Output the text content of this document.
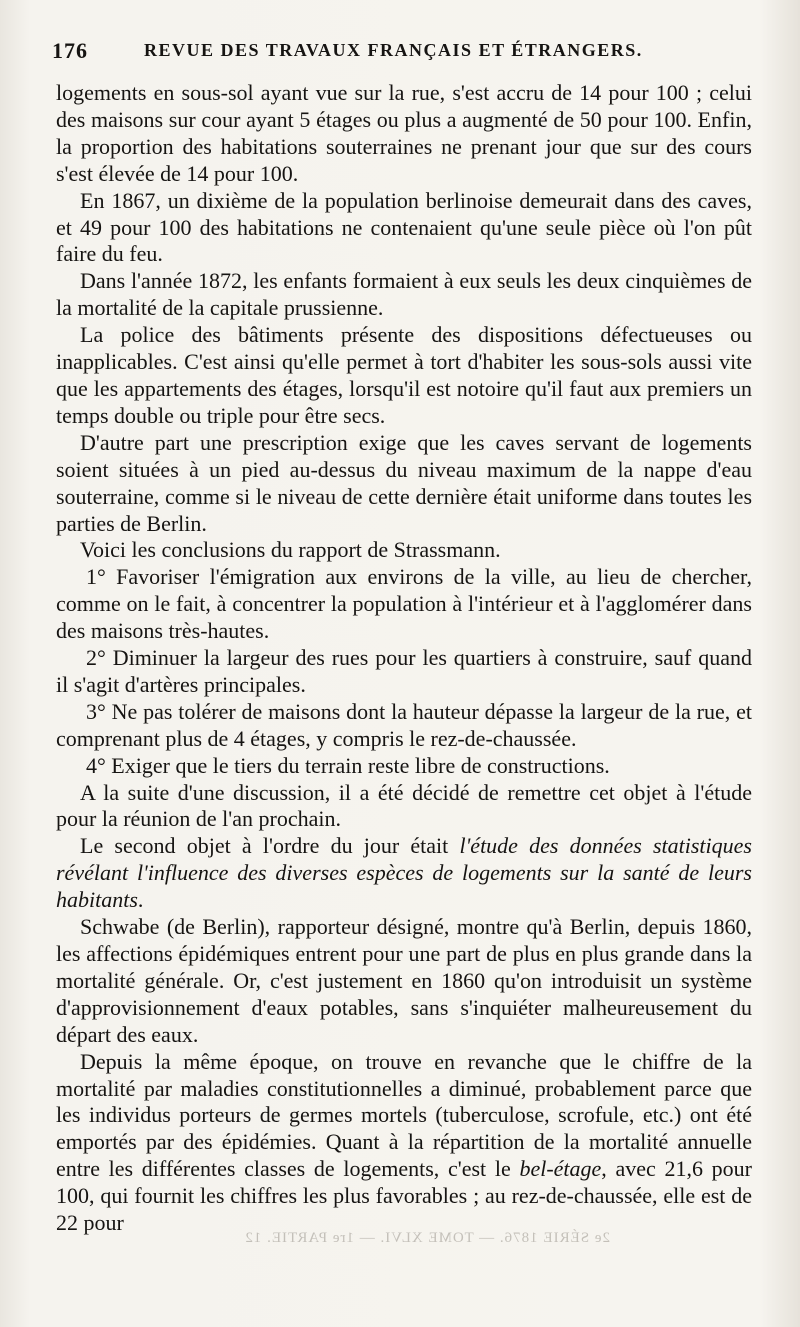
176	REVUE DES TRAVAUX FRANÇAIS ET ÉTRANGERS.

logements en sous-sol ayant vue sur la rue, s'est accru de 14 pour 100 ; celui des maisons sur cour ayant 5 étages ou plus a augmenté de 50 pour 100. Enfin, la proportion des habitations souterraines ne prenant jour que sur des cours s'est élevée de 14 pour 100.

En 1867, un dixième de la population berlinoise demeurait dans des caves, et 49 pour 100 des habitations ne contenaient qu'une seule pièce où l'on pût faire du feu.

Dans l'année 1872, les enfants formaient à eux seuls les deux cinquièmes de la mortalité de la capitale prussienne.

La police des bâtiments présente des dispositions défectueuses ou inapplicables. C'est ainsi qu'elle permet à tort d'habiter les sous-sols aussi vite que les appartements des étages, lorsqu'il est notoire qu'il faut aux premiers un temps double ou triple pour être secs.

D'autre part une prescription exige que les caves servant de logements soient situées à un pied au-dessus du niveau maximum de la nappe d'eau souterraine, comme si le niveau de cette dernière était uniforme dans toutes les parties de Berlin.

Voici les conclusions du rapport de Strassmann.

1° Favoriser l'émigration aux environs de la ville, au lieu de chercher, comme on le fait, à concentrer la population à l'intérieur et à l'agglomérer dans des maisons très-hautes.

2° Diminuer la largeur des rues pour les quartiers à construire, sauf quand il s'agit d'artères principales.

3° Ne pas tolérer de maisons dont la hauteur dépasse la largeur de la rue, et comprenant plus de 4 étages, y compris le rez-de-chaussée.

4° Exiger que le tiers du terrain reste libre de constructions.

A la suite d'une discussion, il a été décidé de remettre cet objet à l'étude pour la réunion de l'an prochain.

Le second objet à l'ordre du jour était l'étude des données statistiques révélant l'influence des diverses espèces de logements sur la santé de leurs habitants.

Schwabe (de Berlin), rapporteur désigné, montre qu'à Berlin, depuis 1860, les affections épidémiques entrent pour une part de plus en plus grande dans la mortalité générale. Or, c'est justement en 1860 qu'on introduisit un système d'approvisionnement d'eaux potables, sans s'inquiéter malheureusement du départ des eaux.

Depuis la même époque, on trouve en revanche que le chiffre de la mortalité par maladies constitutionnelles a diminué, probablement parce que les individus porteurs de germes mortels (tuberculose, scrofule, etc.) ont été emportés par des épidémies. Quant à la répartition de la mortalité annuelle entre les différentes classes de logements, c'est le bel-étage, avec 21,6 pour 100, qui fournit les chiffres les plus favorables ; au rez-de-chaussée, elle est de 22 pour

2e SÉRIE 1876. — TOME XLVI. — 1re PARTIE. 12
